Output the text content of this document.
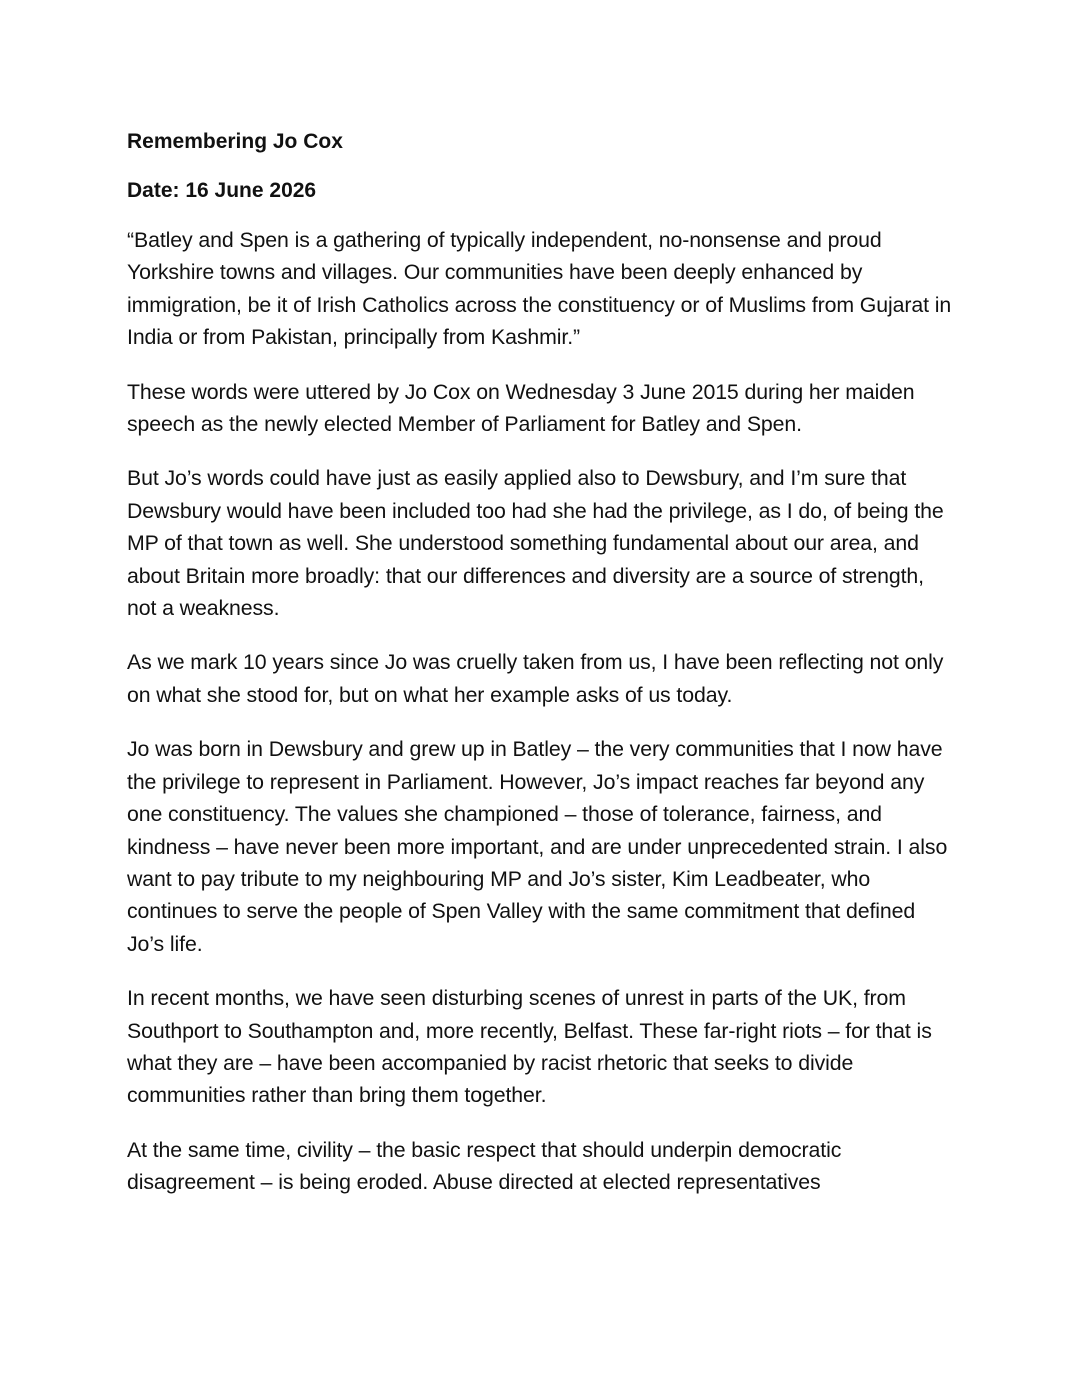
Remembering Jo Cox
Date: 16 June 2026

“Batley and Spen is a gathering of typically independent, no-nonsense and proud Yorkshire towns and villages. Our communities have been deeply enhanced by immigration, be it of Irish Catholics across the constituency or of Muslims from Gujarat in India or from Pakistan, principally from Kashmir.”

These words were uttered by Jo Cox on Wednesday 3 June 2015 during her maiden speech as the newly elected Member of Parliament for Batley and Spen.

But Jo’s words could have just as easily applied also to Dewsbury, and I’m sure that Dewsbury would have been included too had she had the privilege, as I do, of being the MP of that town as well. She understood something fundamental about our area, and about Britain more broadly: that our differences and diversity are a source of strength, not a weakness.

As we mark 10 years since Jo was cruelly taken from us, I have been reflecting not only on what she stood for, but on what her example asks of us today.

Jo was born in Dewsbury and grew up in Batley – the very communities that I now have the privilege to represent in Parliament. However, Jo’s impact reaches far beyond any one constituency. The values she championed – those of tolerance, fairness, and kindness – have never been more important, and are under unprecedented strain. I also want to pay tribute to my neighbouring MP and Jo’s sister, Kim Leadbeater, who continues to serve the people of Spen Valley with the same commitment that defined Jo’s life.

In recent months, we have seen disturbing scenes of unrest in parts of the UK, from Southport to Southampton and, more recently, Belfast. These far-right riots – for that is what they are – have been accompanied by racist rhetoric that seeks to divide communities rather than bring them together.

At the same time, civility – the basic respect that should underpin democratic disagreement – is being eroded. Abuse directed at elected representatives
